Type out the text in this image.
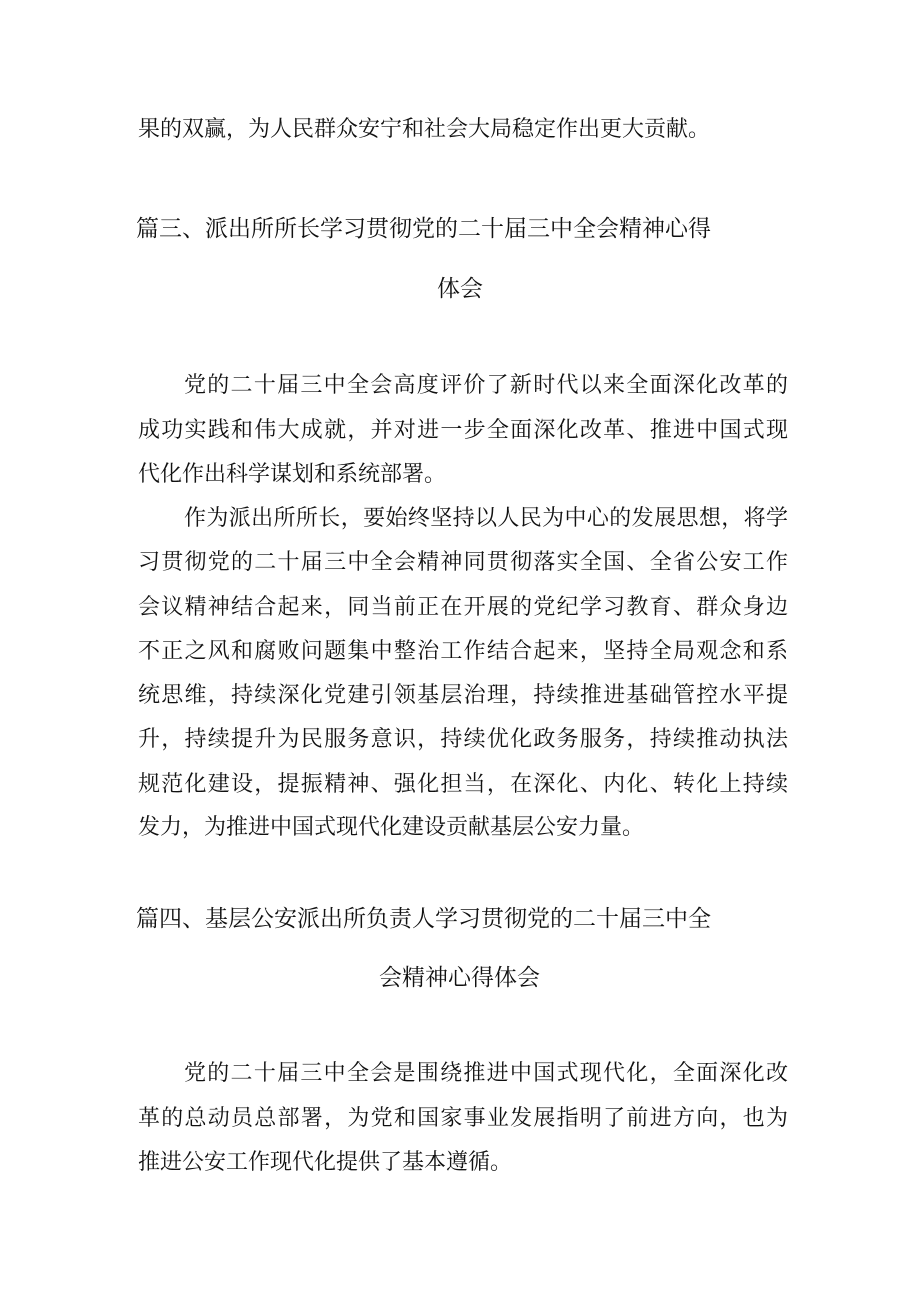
果的双赢，为人民群众安宁和社会大局稳定作出更大贡献。
篇三、派出所所长学习贯彻党的二十届三中全会精神心得
体会
党的二十届三中全会高度评价了新时代以来全面深化改革的
成功实践和伟大成就，并对进一步全面深化改革、推进中国式现
代化作出科学谋划和系统部署。
作为派出所所长，要始终坚持以人民为中心的发展思想，将学
习贯彻党的二十届三中全会精神同贯彻落实全国、全省公安工作
会议精神结合起来，同当前正在开展的党纪学习教育、群众身边
不正之风和腐败问题集中整治工作结合起来，坚持全局观念和系
统思维，持续深化党建引领基层治理，持续推进基础管控水平提
升，持续提升为民服务意识，持续优化政务服务，持续推动执法
规范化建设，提振精神、强化担当，在深化、内化、转化上持续
发力，为推进中国式现代化建设贡献基层公安力量。
篇四、基层公安派出所负责人学习贯彻党的二十届三中全
会精神心得体会
党的二十届三中全会是围绕推进中国式现代化，全面深化改
革的总动员总部署，为党和国家事业发展指明了前进方向，也为
推进公安工作现代化提供了基本遵循。
